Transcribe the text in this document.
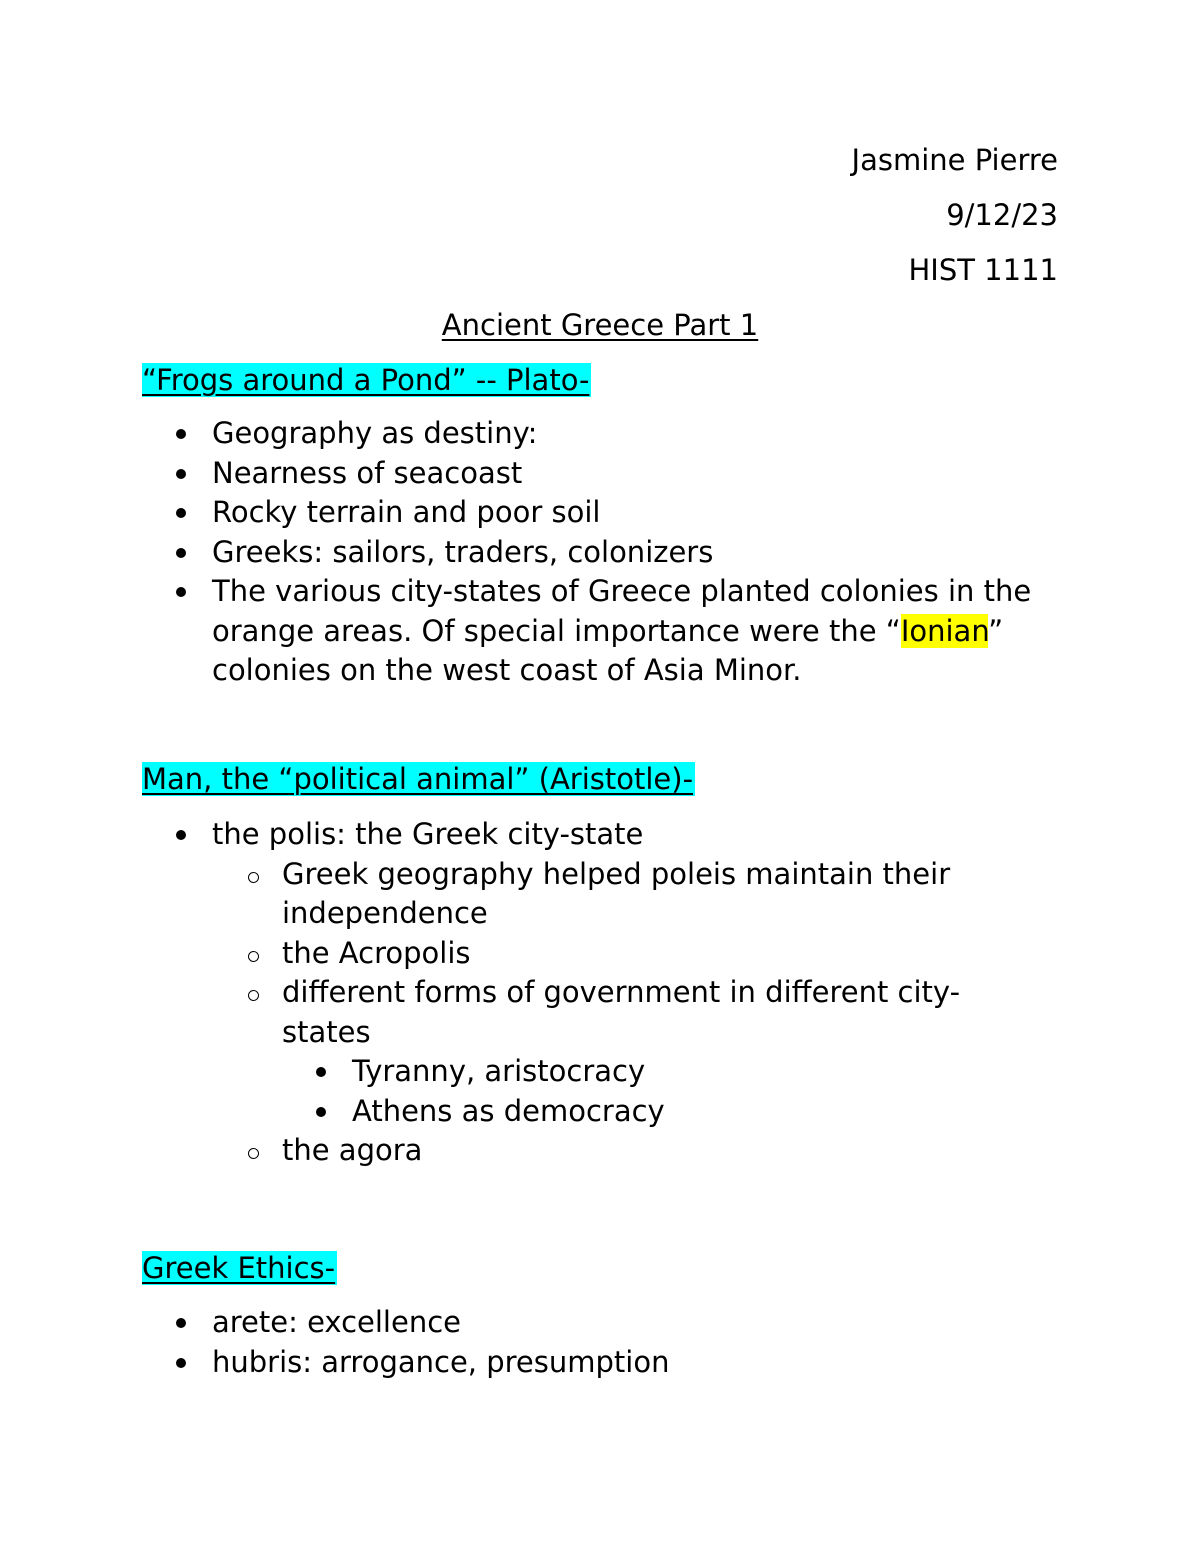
Jasmine Pierre
9/12/23
HIST 1111
Ancient Greece Part 1
“Frogs around a Pond” -- Plato-
Geography as destiny:
Nearness of seacoast
Rocky terrain and poor soil
Greeks: sailors, traders, colonizers
The various city-states of Greece planted colonies in the orange areas. Of special importance were the “Ionian” colonies on the west coast of Asia Minor.
Man, the “political animal” (Aristotle)-
the polis: the Greek city-state
Greek geography helped poleis maintain their independence
the Acropolis
different forms of government in different city-states
Tyranny, aristocracy
Athens as democracy
the agora
Greek Ethics-
arete: excellence
hubris: arrogance, presumption
